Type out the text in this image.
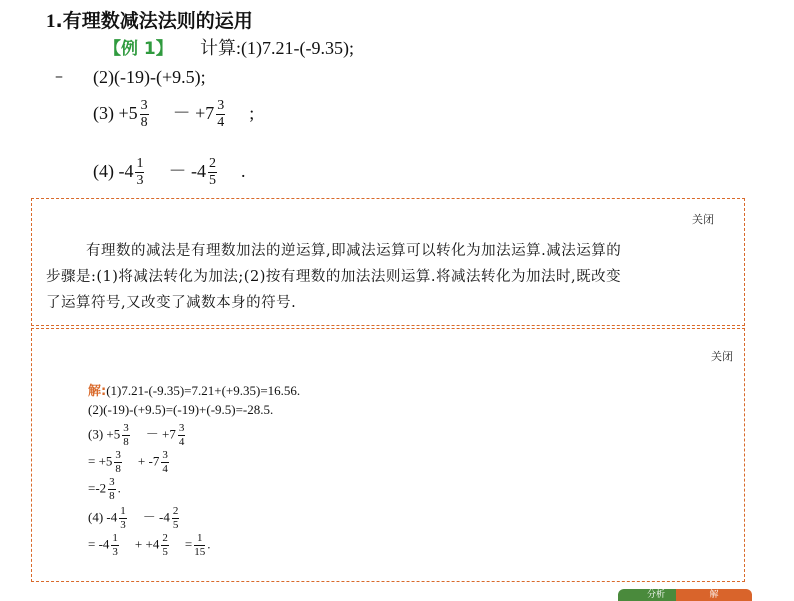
1.有理数减法法则的运用
【例 1】 计算:(1)7.21-(-9.35);
– (2)(-19)-(+9.5);
$(3) +5 \frac{3}{8} - +7 \frac{3}{4}$ ;
(4) $-4 \frac{1}{3} - -4 \frac{2}{5}$ .
关闭

有理数的减法是有理数加法的逆运算,即减法运算可以转化为加法运算.减法运算的

步骤是:(1)将减法转化为加法;(2)按有理数的加法法则运算.将减法转化为加法时,既改变

了运算符号,又改变了减数本身的符号.

关闭
解:(1)7.21-(-9.35)=7.21+(+9.35)=16.56.
(2)(-19)-(+9.5)=(-19)+(-9.5)=-28.5.
$(3) +5 \frac{3}{8} - +7 \frac{3}{4}$
= $+5 \frac{3}{8} + -7 \frac{3}{4}$
$=-2 \frac{3}{8}$ .
(4) $-4 \frac{1}{3} - -4 \frac{2}{5}$
= $-4 \frac{1}{3} + +4 \frac{2}{5} = \frac{1}{15}$ .
分析	解
